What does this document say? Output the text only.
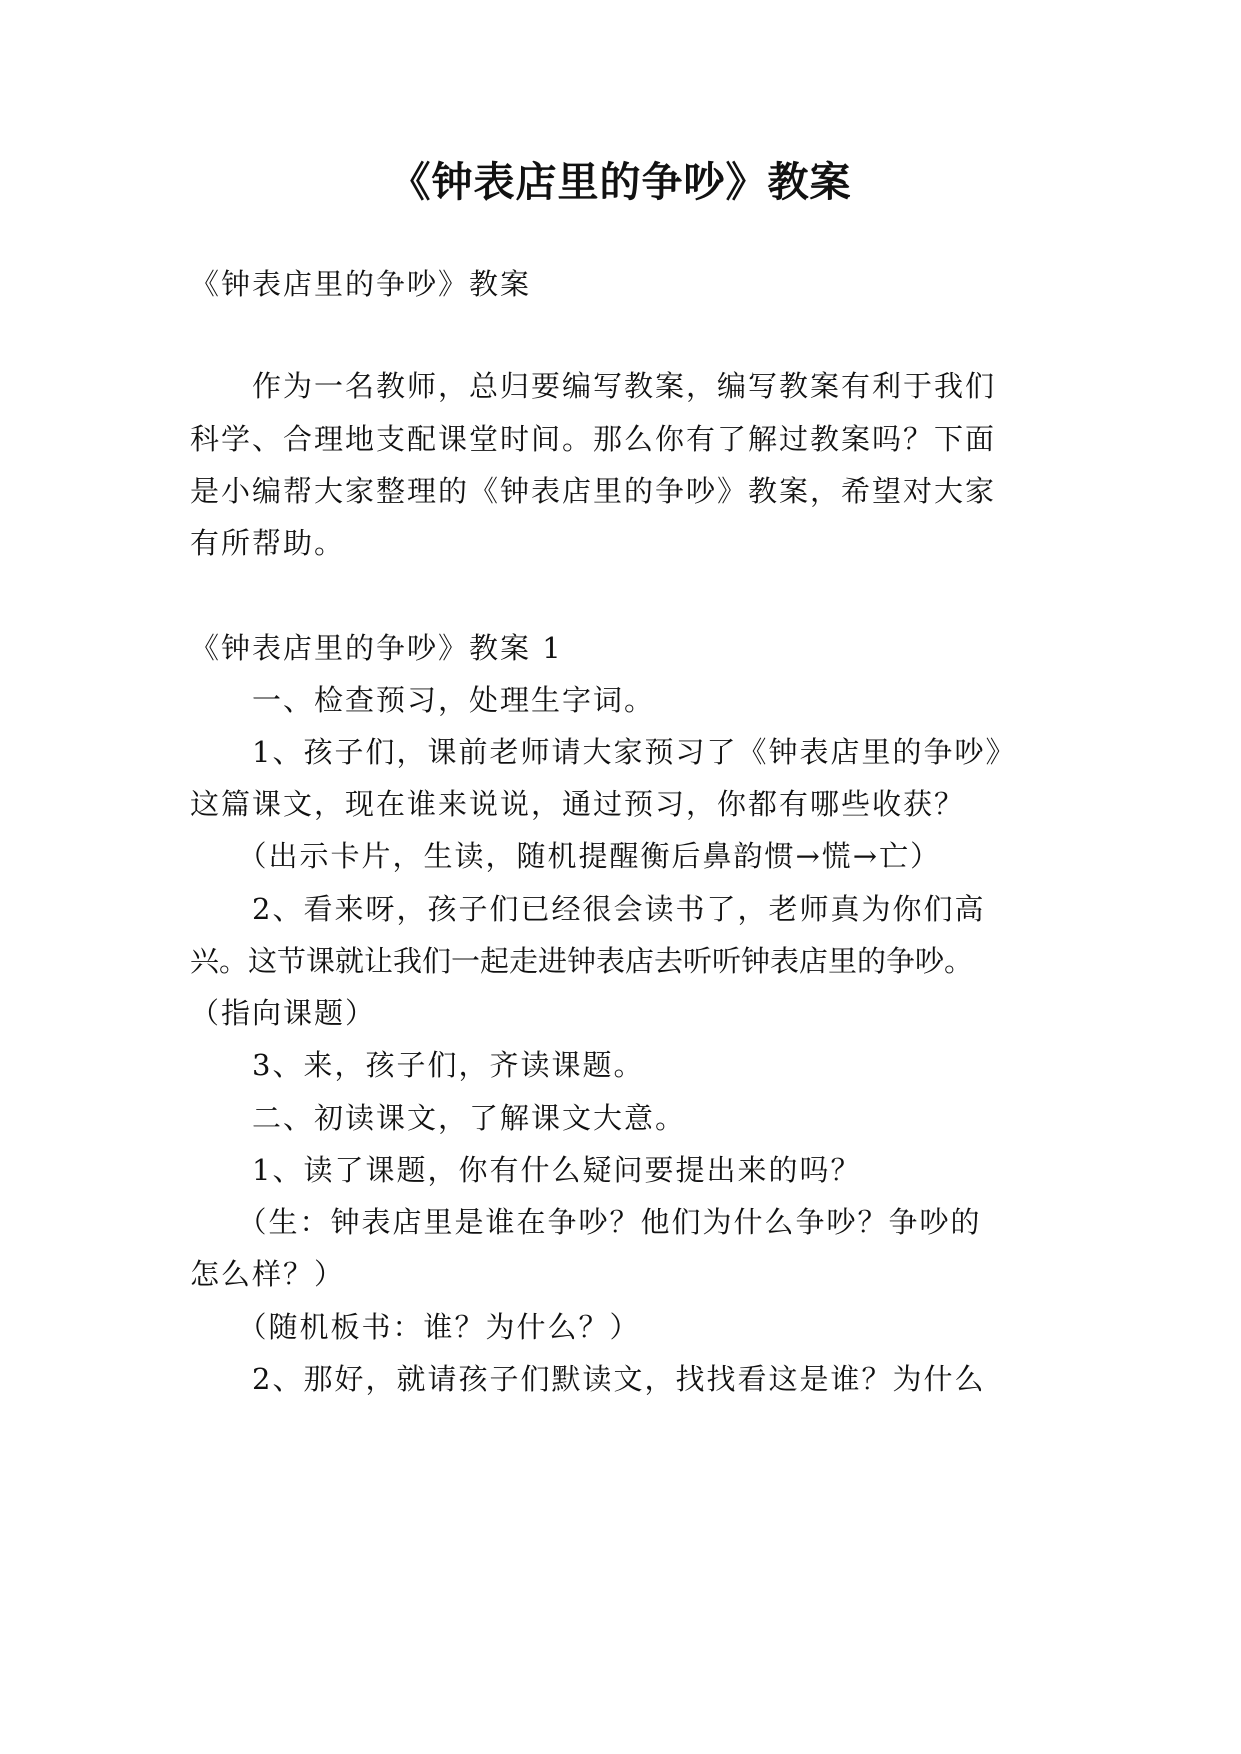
《钟表店里的争吵》教案
《钟表店里的争吵》教案
　　作为一名教师，总归要编写教案，编写教案有利于我们
科学、合理地支配课堂时间。那么你有了解过教案吗？下面
是小编帮大家整理的《钟表店里的争吵》教案，希望对大家
有所帮助。
《钟表店里的争吵》教案 1
　　一、检查预习，处理生字词。
　　1、孩子们，课前老师请大家预习了《钟表店里的争吵》
这篇课文，现在谁来说说，通过预习，你都有哪些收获？
　　（出示卡片，生读，随机提醒衡后鼻韵惯→慌→亡）
　　2、看来呀，孩子们已经很会读书了，老师真为你们高
兴。这节课就让我们一起走进钟表店去听听钟表店里的争吵。
（指向课题）
　　3、来，孩子们，齐读课题。
　　二、初读课文，了解课文大意。
　　1、读了课题，你有什么疑问要提出来的吗？
　　（生：钟表店里是谁在争吵？他们为什么争吵？争吵的
怎么样？）
　　（随机板书：谁？为什么？）
　　2、那好，就请孩子们默读文，找找看这是谁？为什么
